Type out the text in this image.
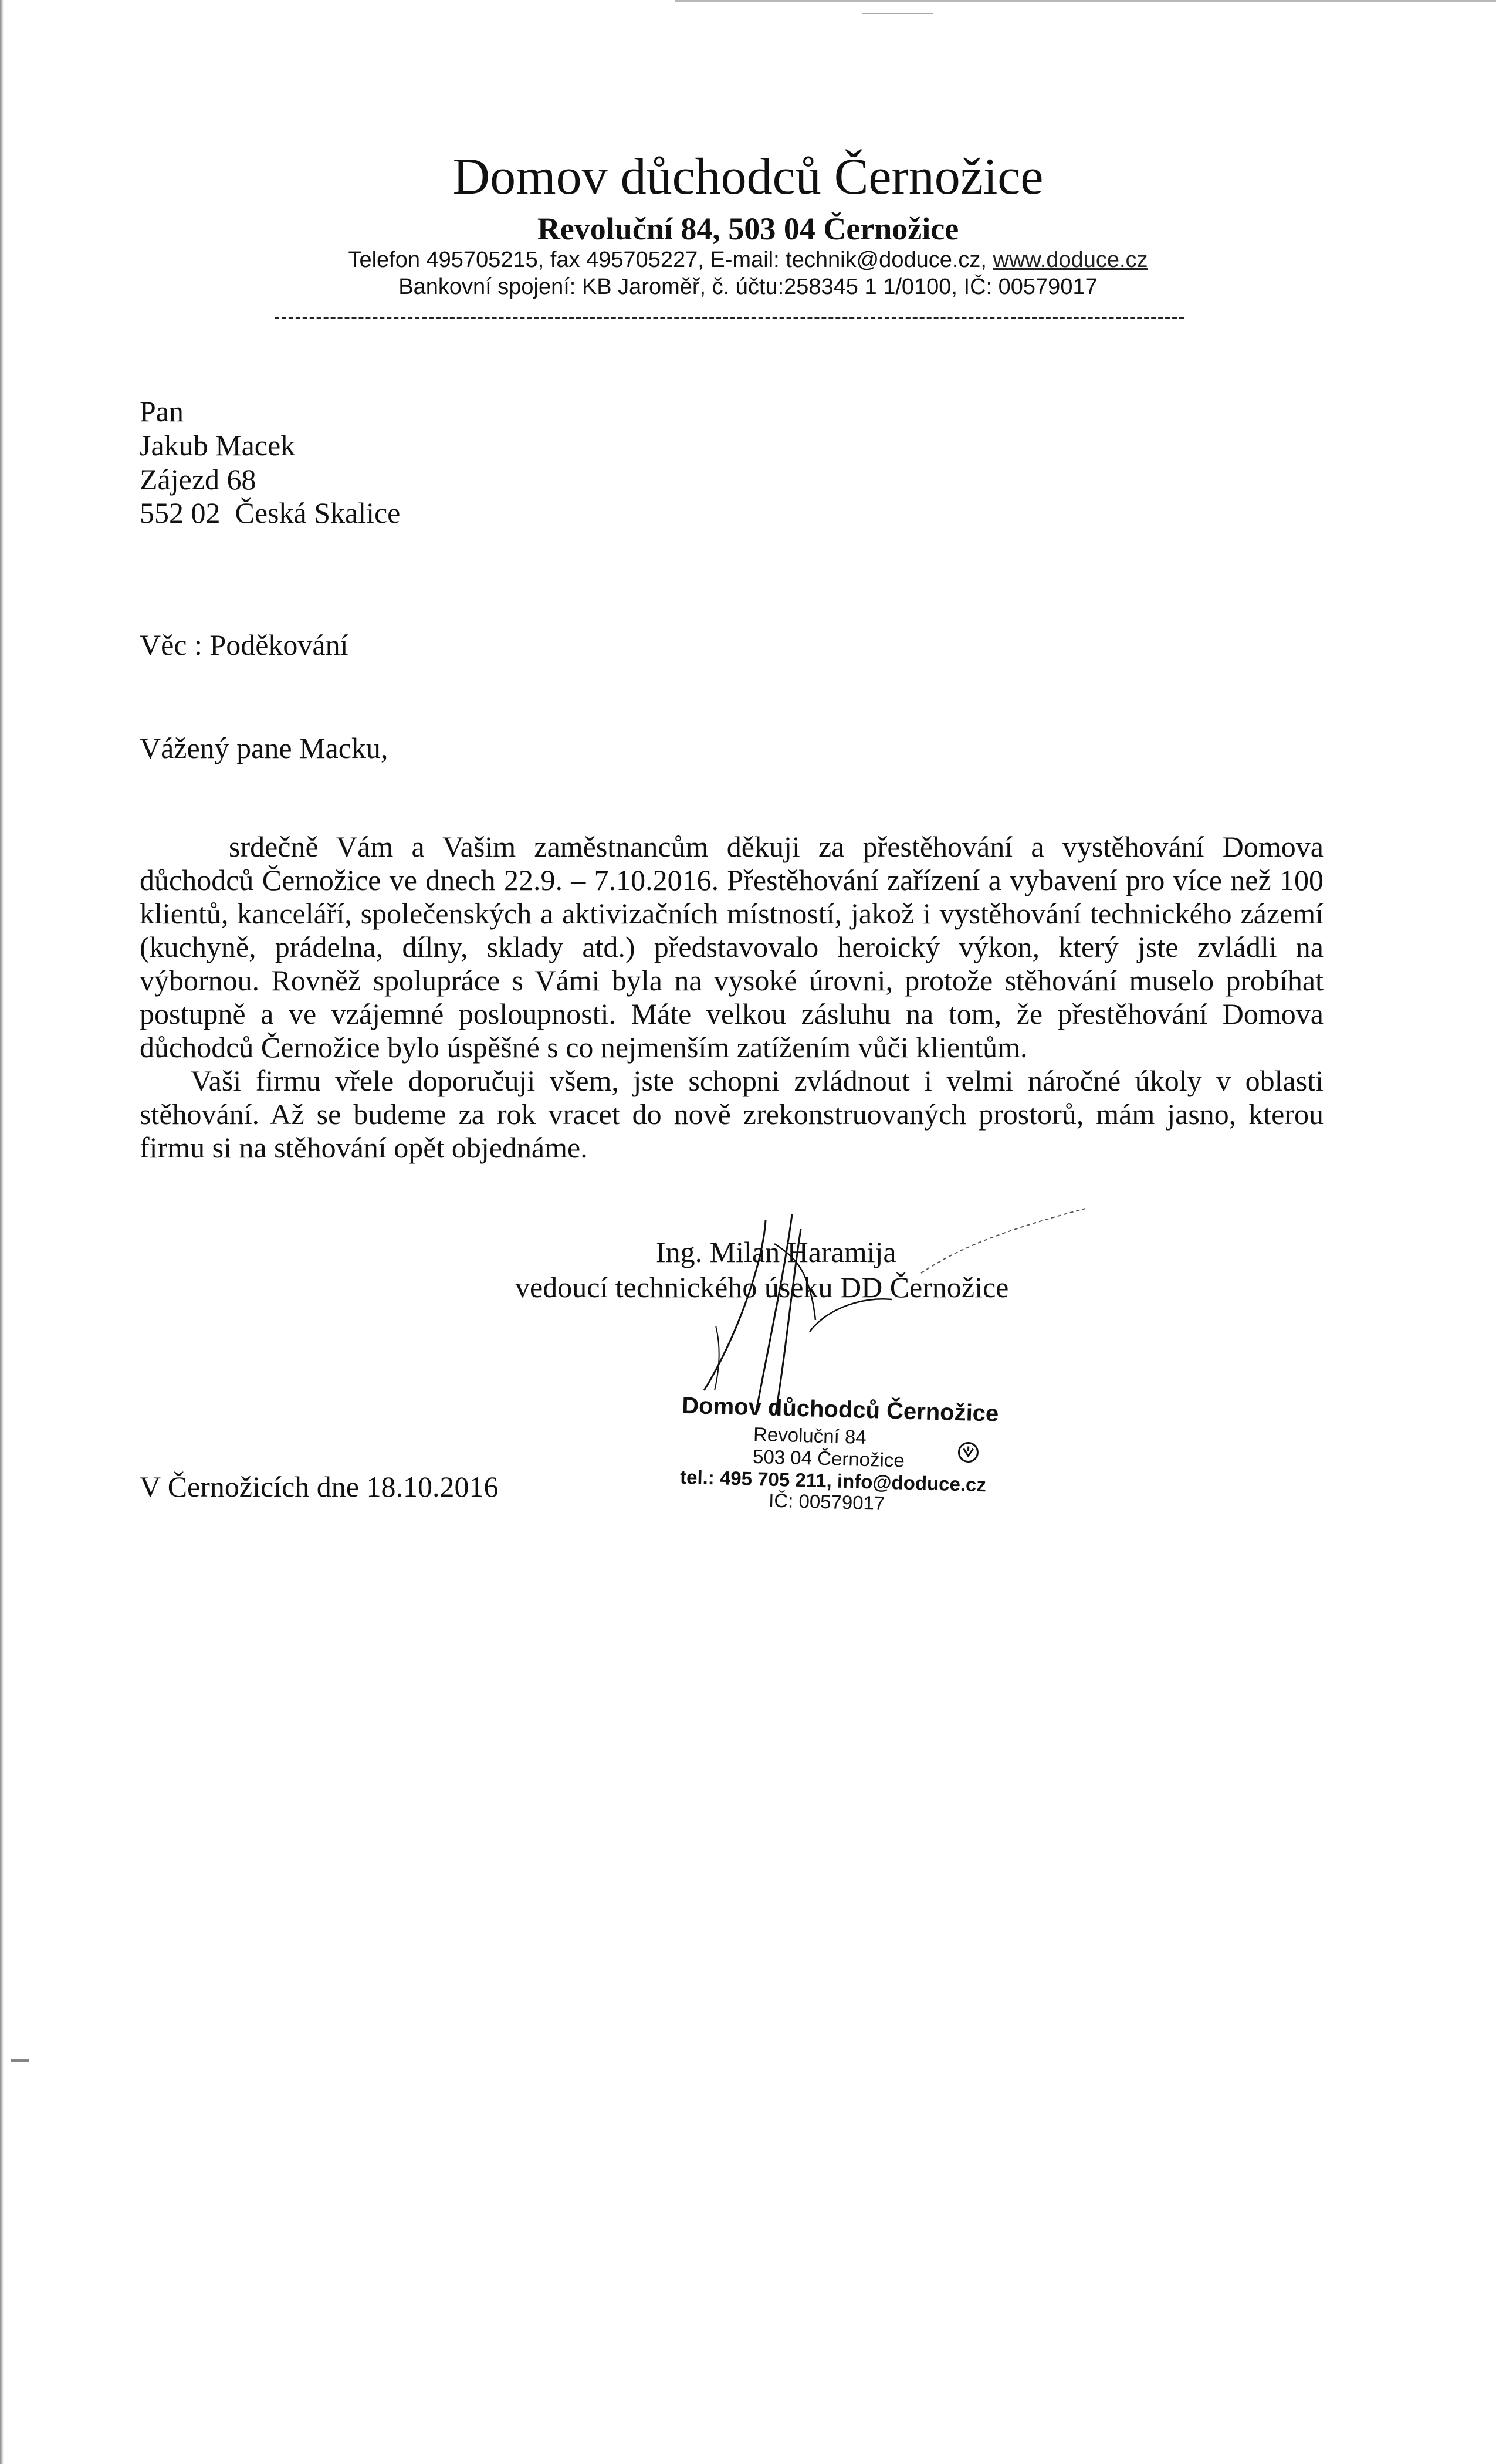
Domov důchodců Černožice
Revoluční 84, 503 04 Černožice
Telefon 495705215, fax 495705227, E-mail: technik@doduce.cz, www.doduce.cz
Bankovní spojení: KB Jaroměř, č. účtu:258345 1 1/0100, IČ: 00579017
Pan
Jakub Macek
Zájezd 68
552 02  Česká Skalice
Věc : Poděkování
Vážený pane Macku,

srdečně Vám a Vašim zaměstnancům děkuji za přestěhování a vystěhování Domova důchodců Černožice ve dnech 22.9. – 7.10.2016. Přestěhování zařízení a vybavení pro více než 100 klientů, kanceláří, společenských a aktivizačních místností, jakož i vystěhování technického zázemí (kuchyně, prádelna, dílny, sklady atd.) představovalo heroický výkon, který jste zvládli na výbornou. Rovněž spolupráce s Vámi byla na vysoké úrovni, protože stěhování muselo probíhat postupně a ve vzájemné posloupnosti. Máte velkou zásluhu na tom, že přestěhování Domova důchodců Černožice bylo úspěšné s co nejmenším zatížením vůči klientům.

Vaši firmu vřele doporučuji všem, jste schopni zvládnout i velmi náročné úkoly v oblasti stěhování. Až se budeme za rok vracet do nově zrekonstruovaných prostorů, mám jasno, kterou firmu si na stěhování opět objednáme.

Ing. Milan Haramija
vedoucí technického úseku DD Černožice
Domov důchodců Černožice
Revoluční 84
503 04 Černožice
tel.: 495 705 211, info@doduce.cz
IČ: 00579017
V Černožicích dne 18.10.2016
